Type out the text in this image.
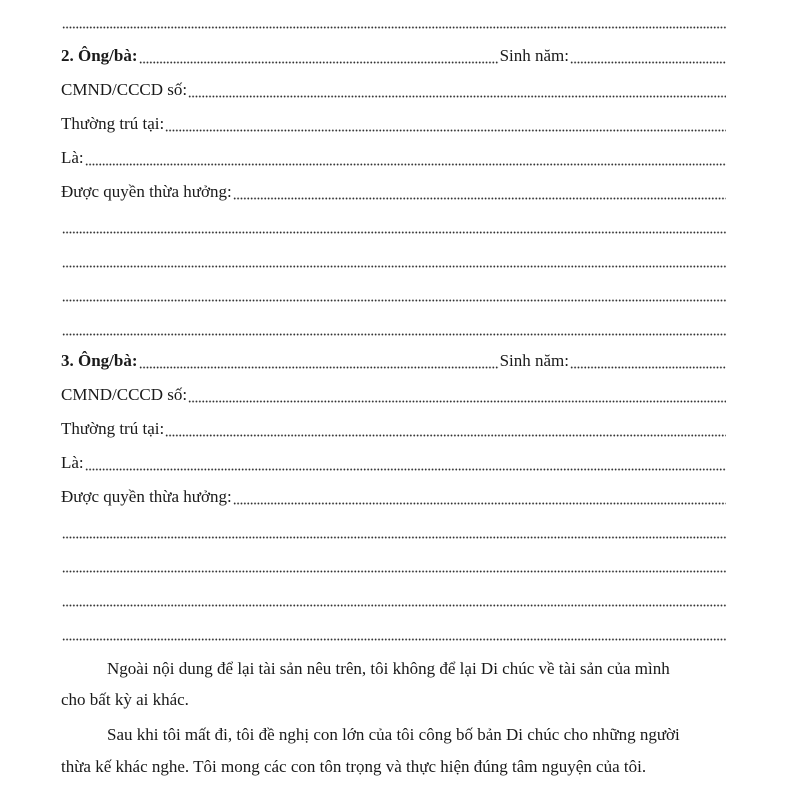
2. Ông/bà:	Sinh năm:
CMND/CCCD số:
Thường trú tại:
Là:
Được quyền thừa hưởng:
3. Ông/bà:	Sinh năm:
CMND/CCCD số:
Thường trú tại:
Là:
Được quyền thừa hưởng:
Ngoài nội dung để lại tài sản nêu trên, tôi không để lại Di chúc về tài sản của mình
cho bất kỳ ai khác.
Sau khi tôi mất đi, tôi đề nghị con lớn của tôi công bố bản Di chúc cho những người
thừa kế khác nghe. Tôi mong các con tôn trọng và thực hiện đúng tâm nguyện của tôi.
